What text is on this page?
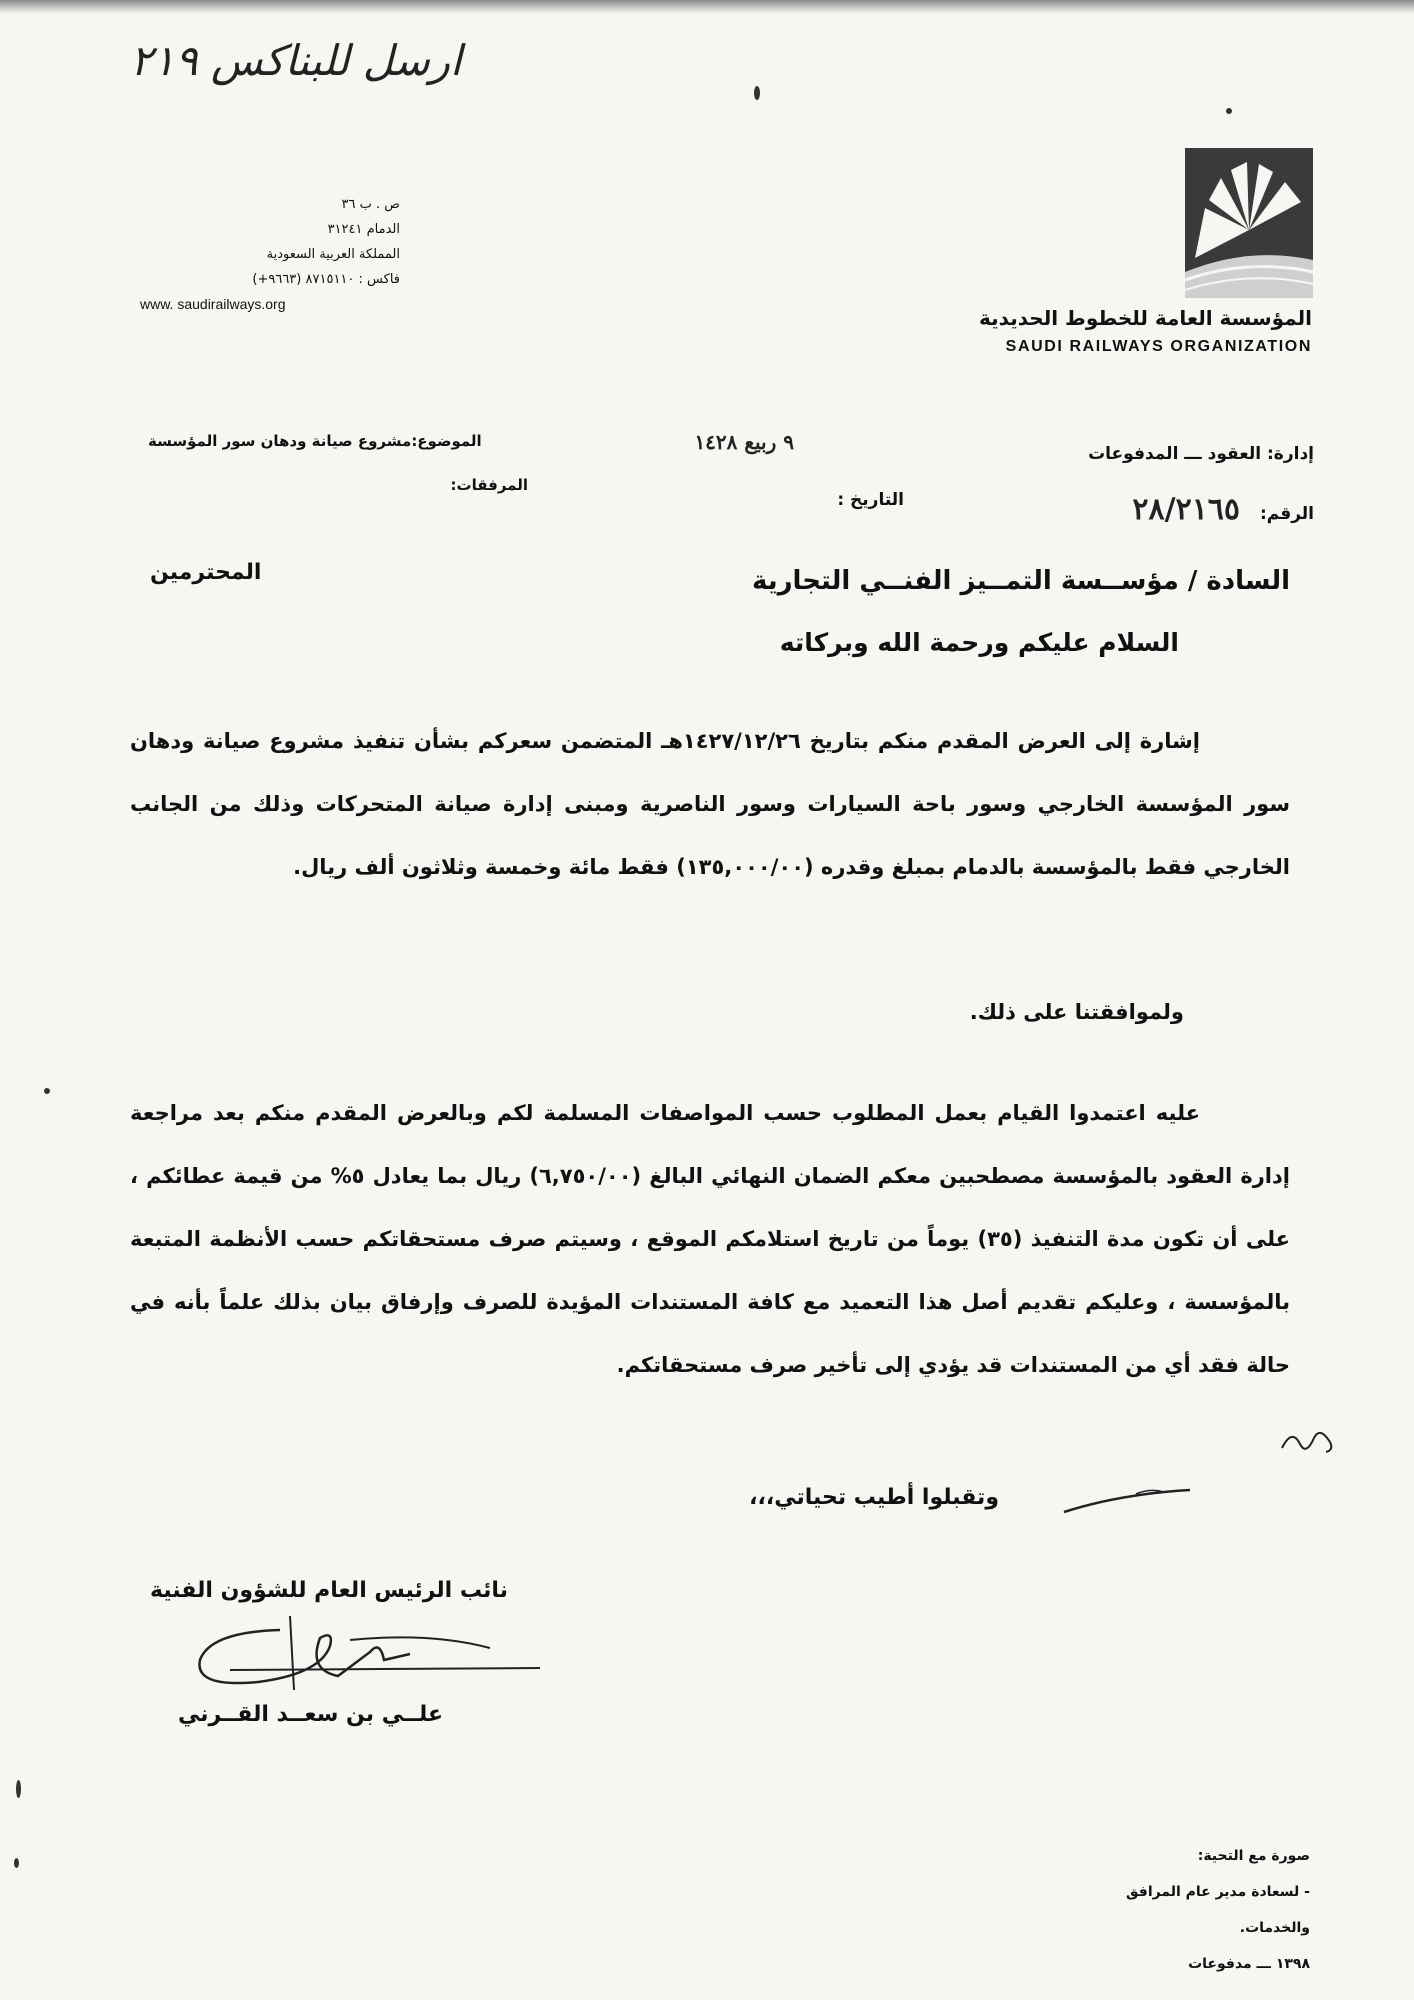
ارسل للبناكس ٢١٩
المؤسسة العامة للخطوط الحديدية
SAUDI RAILWAYS ORGANIZATION
ص . ب ٣٦
الدمام ٣١٢٤١
المملكة العربية السعودية
فاكس : ٨٧١٥١١٠ (٩٦٦٣+)
www. saudirailways.org
إدارة: العقود ـــ المدفوعات
الرقم: ٢٨/٢١٦٥
٩ ربيع ١٤٢٨
التاريخ :
الموضوع:مشروع صيانة ودهان سور المؤسسة
المرفقات:
السادة / مؤســسة التمــيز الفنــي التجارية
المحترمين
السلام عليكم ورحمة الله وبركاته
إشارة إلى العرض المقدم منكم بتاريخ ١٤٢٧/١٢/٢٦هـ المتضمن سعركم بشأن تنفيذ مشروع صيانة ودهان سور المؤسسة الخارجي وسور باحة السيارات وسور الناصرية ومبنى إدارة صيانة المتحركات وذلك من الجانب الخارجي فقط بالمؤسسة بالدمام بمبلغ وقدره (١٣٥,٠٠٠/٠٠) فقط مائة وخمسة وثلاثون ألف ريال.
ولموافقتنا على ذلك.
عليه اعتمدوا القيام بعمل المطلوب حسب المواصفات المسلمة لكم وبالعرض المقدم منكم بعد مراجعة إدارة العقود بالمؤسسة مصطحبين معكم الضمان النهائي البالغ (٦,٧٥٠/٠٠) ريال بما يعادل ٥% من قيمة عطائكم ، على أن تكون مدة التنفيذ (٣٥) يوماً من تاريخ استلامكم الموقع ، وسيتم صرف مستحقاتكم حسب الأنظمة المتبعة بالمؤسسة ، وعليكم تقديم أصل هذا التعميد مع كافة المستندات المؤيدة للصرف وإرفاق بيان بذلك علماً بأنه في حالة فقد أي من المستندات قد يؤدي إلى تأخير صرف مستحقاتكم.
وتقبلوا أطيب تحياتي،،،
نائب الرئيس العام للشؤون الفنية
علــي بن سعــد القــرني
صورة مع التحية:
- لسعادة مدير عام المرافق والخدمات.
١٣٩٨ ـــ مدفوعات
